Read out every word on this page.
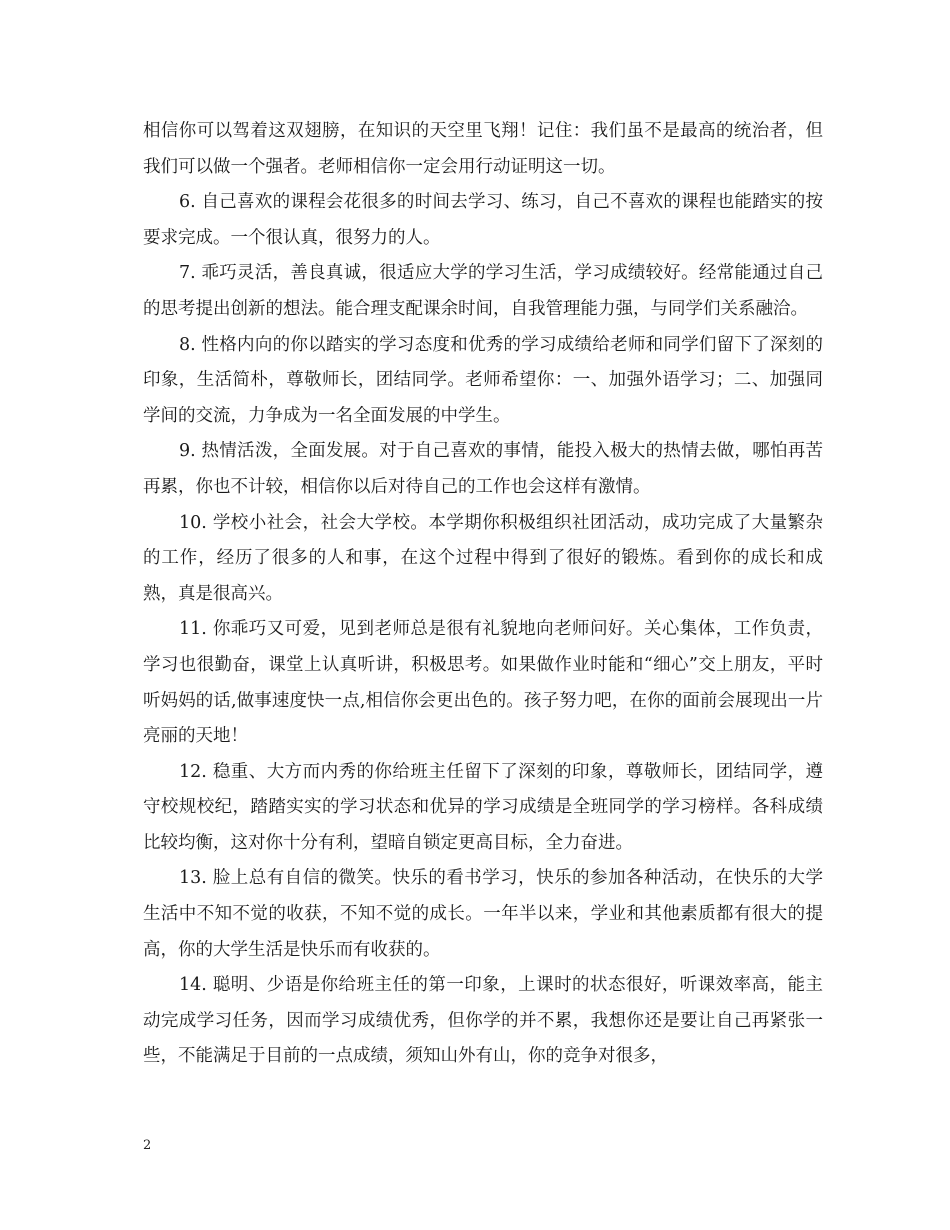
相信你可以驾着这双翅膀，在知识的天空里飞翔！记住：我们虽不是最高的统治者，但我们可以做一个强者。老师相信你一定会用行动证明这一切。

6. 自己喜欢的课程会花很多的时间去学习、练习，自己不喜欢的课程也能踏实的按要求完成。一个很认真，很努力的人。

7. 乖巧灵活，善良真诚，很适应大学的学习生活，学习成绩较好。经常能通过自己的思考提出创新的想法。能合理支配课余时间，自我管理能力强，与同学们关系融洽。

8. 性格内向的你以踏实的学习态度和优秀的学习成绩给老师和同学们留下了深刻的印象，生活简朴，尊敬师长，团结同学。老师希望你：一、加强外语学习；二、加强同学间的交流，力争成为一名全面发展的中学生。

9. 热情活泼，全面发展。对于自己喜欢的事情，能投入极大的热情去做，哪怕再苦再累，你也不计较，相信你以后对待自己的工作也会这样有激情。

10. 学校小社会，社会大学校。本学期你积极组织社团活动，成功完成了大量繁杂的工作，经历了很多的人和事，在这个过程中得到了很好的锻炼。看到你的成长和成熟，真是很高兴。

11. 你乖巧又可爱，见到老师总是很有礼貌地向老师问好。关心集体，工作负责，学习也很勤奋，课堂上认真听讲，积极思考。如果做作业时能和“细心”交上朋友，平时听妈妈的话,做事速度快一点,相信你会更出色的。孩子努力吧，在你的面前会展现出一片亮丽的天地！

12. 稳重、大方而内秀的你给班主任留下了深刻的印象，尊敬师长，团结同学，遵守校规校纪，踏踏实实的学习状态和优异的学习成绩是全班同学的学习榜样。各科成绩比较均衡，这对你十分有利，望暗自锁定更高目标，全力奋进。

13. 脸上总有自信的微笑。快乐的看书学习，快乐的参加各种活动，在快乐的大学生活中不知不觉的收获，不知不觉的成长。一年半以来，学业和其他素质都有很大的提高，你的大学生活是快乐而有收获的。

14. 聪明、少语是你给班主任的第一印象，上课时的状态很好，听课效率高，能主动完成学习任务，因而学习成绩优秀，但你学的并不累，我想你还是要让自己再紧张一些，不能满足于目前的一点成绩，须知山外有山，你的竞争对很多，

2
